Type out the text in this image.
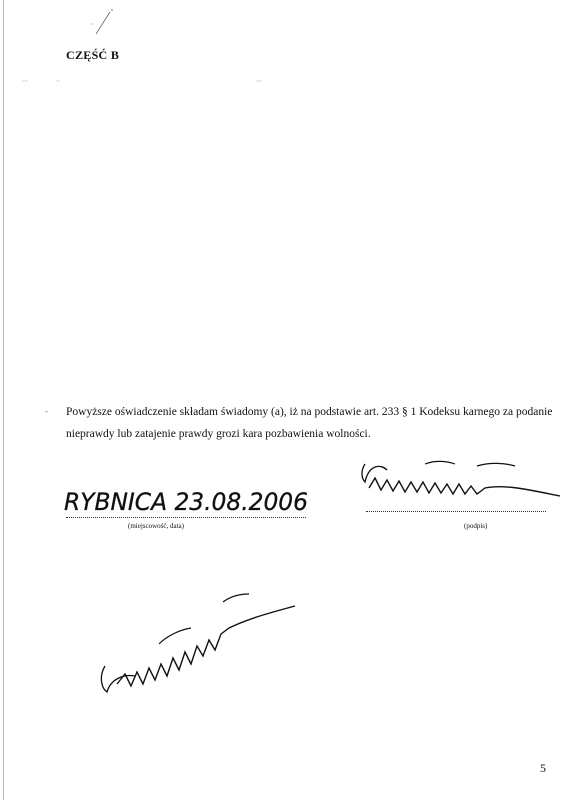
CZĘŚĆ B
- Powyższe oświadczenie składam świadomy (a), iż na podstawie art. 233 § 1 Kodeksu karnego za podanie nieprawdy lub zatajenie prawdy grozi kara pozbawienia wolności.
(podpis)
RYBNICA 23.08.2006
(miejscowość, data)
5
